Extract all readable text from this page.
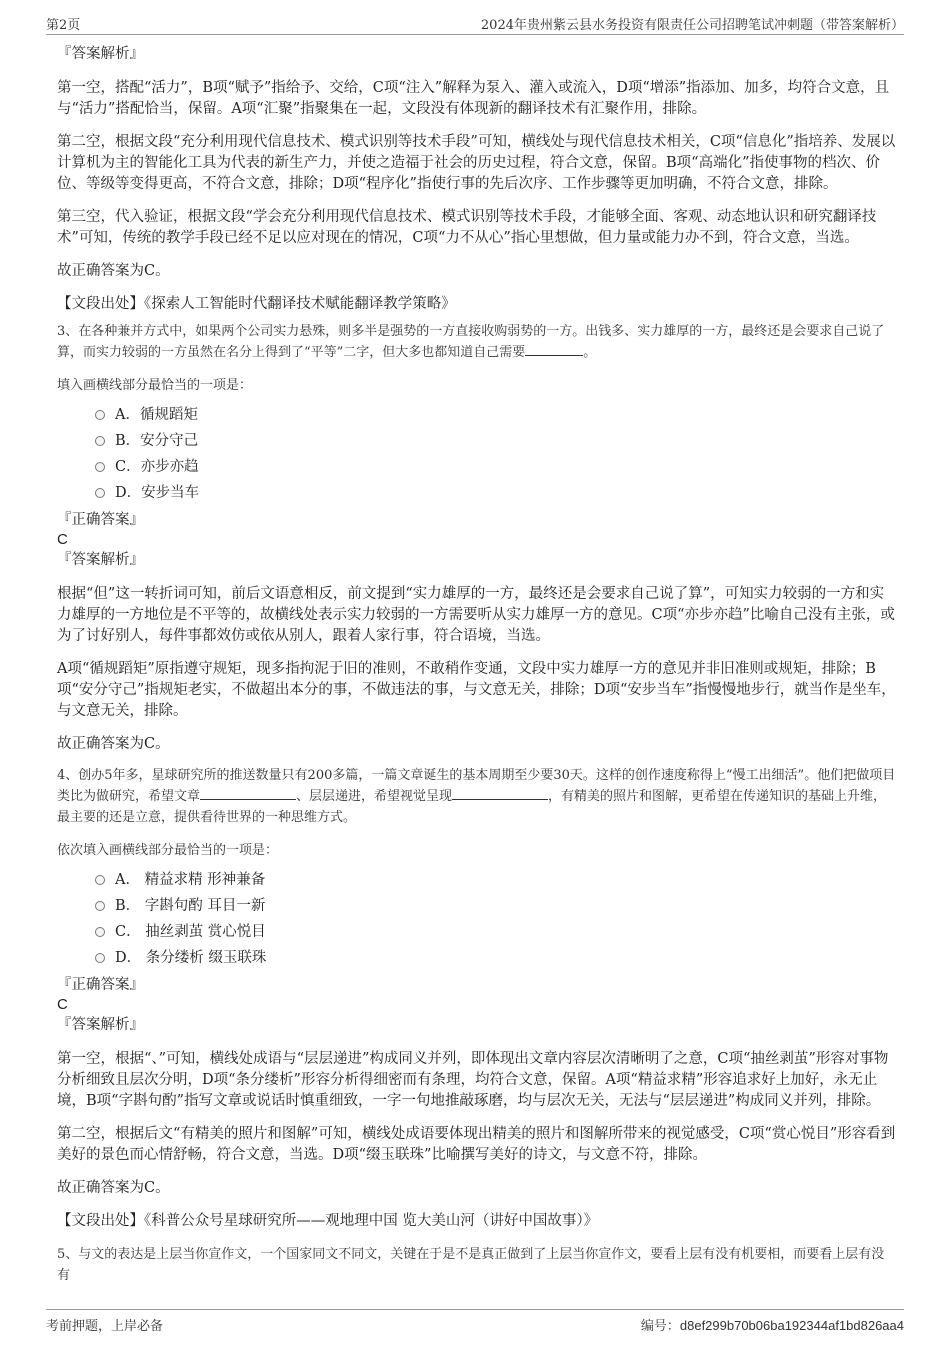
第2页	2024年贵州紫云县水务投资有限责任公司招聘笔试冲刺题（带答案解析）

『答案解析』

第一空，搭配“活力”，B项“赋予”指给予、交给，C项“注入”解释为泵入、灌入或流入，D项“增添”指添加、加多，均符合文意，且与“活力”搭配恰当，保留。A项“汇聚”指聚集在一起，文段没有体现新的翻译技术有汇聚作用，排除。

第二空，根据文段“充分利用现代信息技术、模式识别等技术手段”可知，横线处与现代信息技术相关，C项“信息化”指培养、发展以计算机为主的智能化工具为代表的新生产力，并使之造福于社会的历史过程，符合文意，保留。B项“高端化”指使事物的档次、价位、等级等变得更高，不符合文意，排除；D项“程序化”指使行事的先后次序、工作步骤等更加明确，不符合文意，排除。

第三空，代入验证，根据文段“学会充分利用现代信息技术、模式识别等技术手段，才能够全面、客观、动态地认识和研究翻译技术”可知，传统的教学手段已经不足以应对现在的情况，C项“力不从心”指心里想做，但力量或能力办不到，符合文意，当选。

故正确答案为C。

【文段出处】《探索人工智能时代翻译技术赋能翻译教学策略》

3、在各种兼并方式中，如果两个公司实力悬殊，则多半是强势的一方直接收购弱势的一方。出钱多、实力雄厚的一方，最终还是会要求自己说了算，而实力较弱的一方虽然在名分上得到了“平等”二字，但大多也都知道自己需要	。

填入画横线部分最恰当的一项是：

A．循规蹈矩
B．安分守己
C．亦步亦趋
D．安步当车

『正确答案』

C

『答案解析』

根据“但”这一转折词可知，前后文语意相反，前文提到“实力雄厚的一方，最终还是会要求自己说了算”，可知实力较弱的一方和实力雄厚的一方地位是不平等的，故横线处表示实力较弱的一方需要听从实力雄厚一方的意见。C项“亦步亦趋”比喻自己没有主张，或为了讨好别人，每件事都效仿或依从别人，跟着人家行事，符合语境，当选。

A项“循规蹈矩”原指遵守规矩，现多指拘泥于旧的准则，不敢稍作变通，文段中实力雄厚一方的意见并非旧准则或规矩，排除；B项“安分守己”指规矩老实，不做超出本分的事，不做违法的事，与文意无关，排除；D项“安步当车”指慢慢地步行，就当作是坐车，与文意无关，排除。

故正确答案为C。

4、创办5年多，星球研究所的推送数量只有200多篇，一篇文章诞生的基本周期至少要30天。这样的创作速度称得上“慢工出细活”。他们把做项目类比为做研究，希望文章	、层层递进，希望视觉呈现	，有精美的照片和图解，更希望在传递知识的基础上升维，最主要的还是立意，提供看待世界的一种思维方式。

依次填入画横线部分最恰当的一项是：

A． 精益求精 形神兼备
B． 字斟句酌 耳目一新
C． 抽丝剥茧 赏心悦目
D． 条分缕析 缀玉联珠

『正确答案』

C

『答案解析』

第一空，根据“、”可知，横线处成语与“层层递进”构成同义并列，即体现出文章内容层次清晰明了之意，C项“抽丝剥茧”形容对事物分析细致且层次分明，D项“条分缕析”形容分析得细密而有条理，均符合文意，保留。A项“精益求精”形容追求好上加好，永无止境，B项“字斟句酌”指写文章或说话时慎重细致，一字一句地推敲琢磨，均与层次无关，无法与“层层递进”构成同义并列，排除。

第二空，根据后文“有精美的照片和图解”可知，横线处成语要体现出精美的照片和图解所带来的视觉感受，C项“赏心悦目”形容看到美好的景色而心情舒畅，符合文意，当选。D项“缀玉联珠”比喻撰写美好的诗文，与文意不符，排除。

故正确答案为C。

【文段出处】《科普公众号星球研究所——观地理中国 览大美山河（讲好中国故事）》

5、与文的表达是上层当你宣作文，一个国家同文不同文，关键在于是不是真正做到了上层当你宣作文，要看上层有没有机要相，而要看上层有没有

考前押题，上岸必备	编号：d8ef299b70b06ba192344af1bd826aa4
